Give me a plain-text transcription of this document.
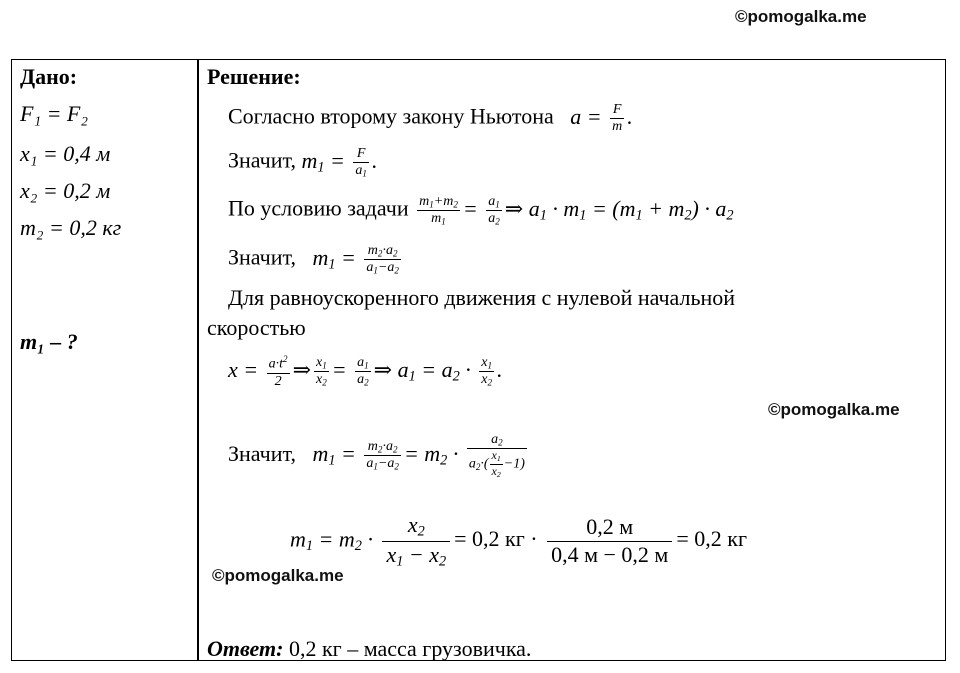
©pomogalka.me
Дано:
F₁ = F₂
x₁ = 0,4 м
x₂ = 0,2 м
m₂ = 0,2 кг
m₁ – ?
Решение:
Согласно второму закону Ньютона   $a = \frac{F}{m}$ .
Значит, $m_1 = \frac{F}{a_1}$ .
По условию задачи $\frac{m_1+m_2}{m_1} = \frac{a_1}{a_2}$ ⇒ $a_1 \cdot m_1 = (m_1 + m_2) \cdot a_2$
Значит,   $m_1 = \frac{m_2\cdot a_2}{a_1-a_2}$
Для равноускоренного движения с нулевой начальной
скоростью
$x = \frac{a\cdot t^2}{2}$ ⇒ $\frac{x_1}{x_2} = \frac{a_1}{a_2}$ ⇒ $a_1 = a_2 \cdot \frac{x_1}{x_2}$ .
©pomogalka.me
Значит,   $m_1 = \frac{m_2\cdot a_2}{a_1-a_2} = m_2 \cdot \frac{a_2}{a_2\cdot( \frac{x_1}{x_2} -1)}$
$m_1 = m_2 \cdot \frac{x_2}{x_1 - x_2} = 0,2$ кг ·	0,2 м
0,4 м − 0,2 м
= 0,2 кг
©pomogalka.me
Ответ: 0,2 кг – масса грузовичка.
